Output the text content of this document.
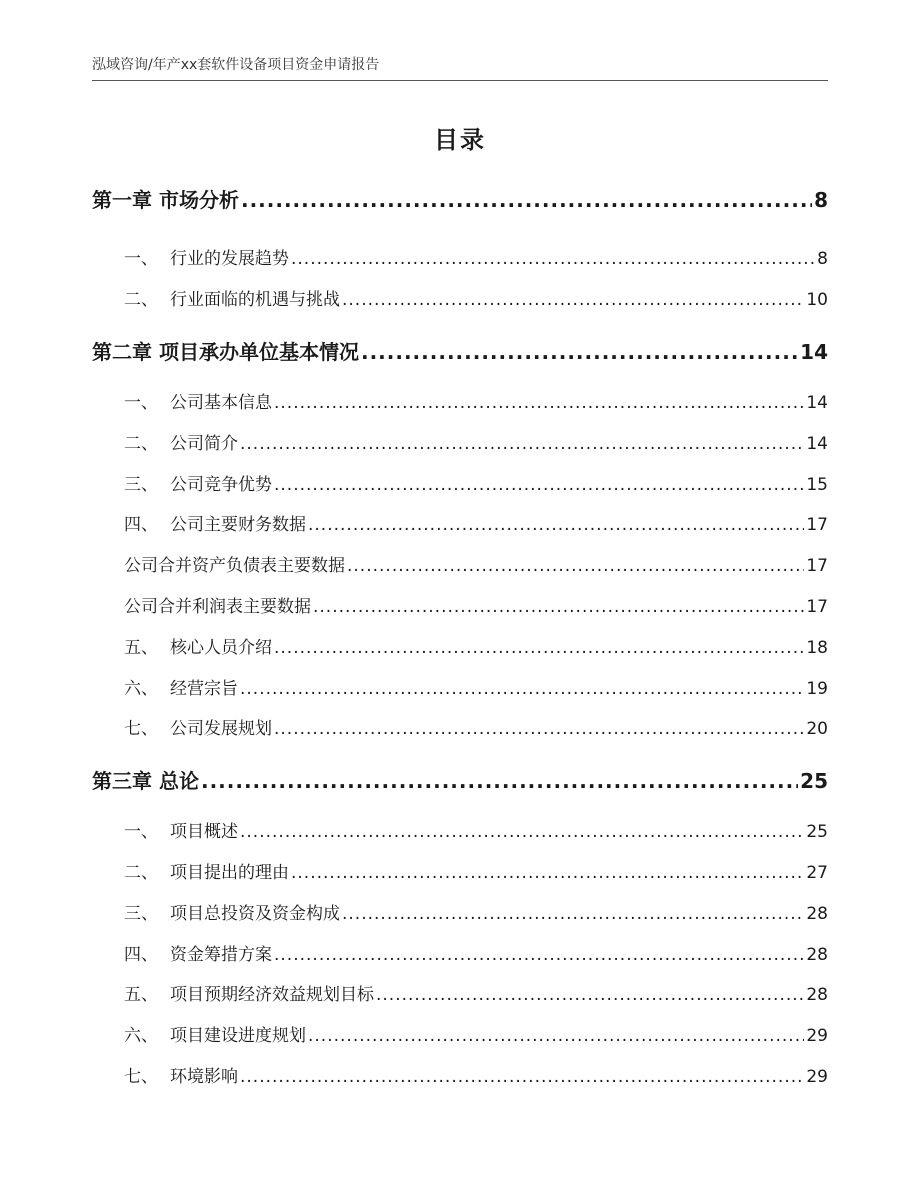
泓域咨询/年产xx套软件设备项目资金申请报告
目录
第一章 市场分析 .....	8
一、 行业的发展趋势 .....	8
二、 行业面临的机遇与挑战 .....	10
第二章 项目承办单位基本情况 .....	14
一、 公司基本信息 .....	14
二、 公司简介 .....	14
三、 公司竞争优势 .....	15
四、 公司主要财务数据 .....	17
公司合并资产负债表主要数据 .....	17
公司合并利润表主要数据 .....	17
五、 核心人员介绍 .....	18
六、 经营宗旨 .....	19
七、 公司发展规划 .....	20
第三章 总论 .....	25
一、 项目概述 .....	25
二、 项目提出的理由 .....	27
三、 项目总投资及资金构成 .....	28
四、 资金筹措方案 .....	28
五、 项目预期经济效益规划目标 .....	28
六、 项目建设进度规划 .....	29
七、 环境影响 .....	29
